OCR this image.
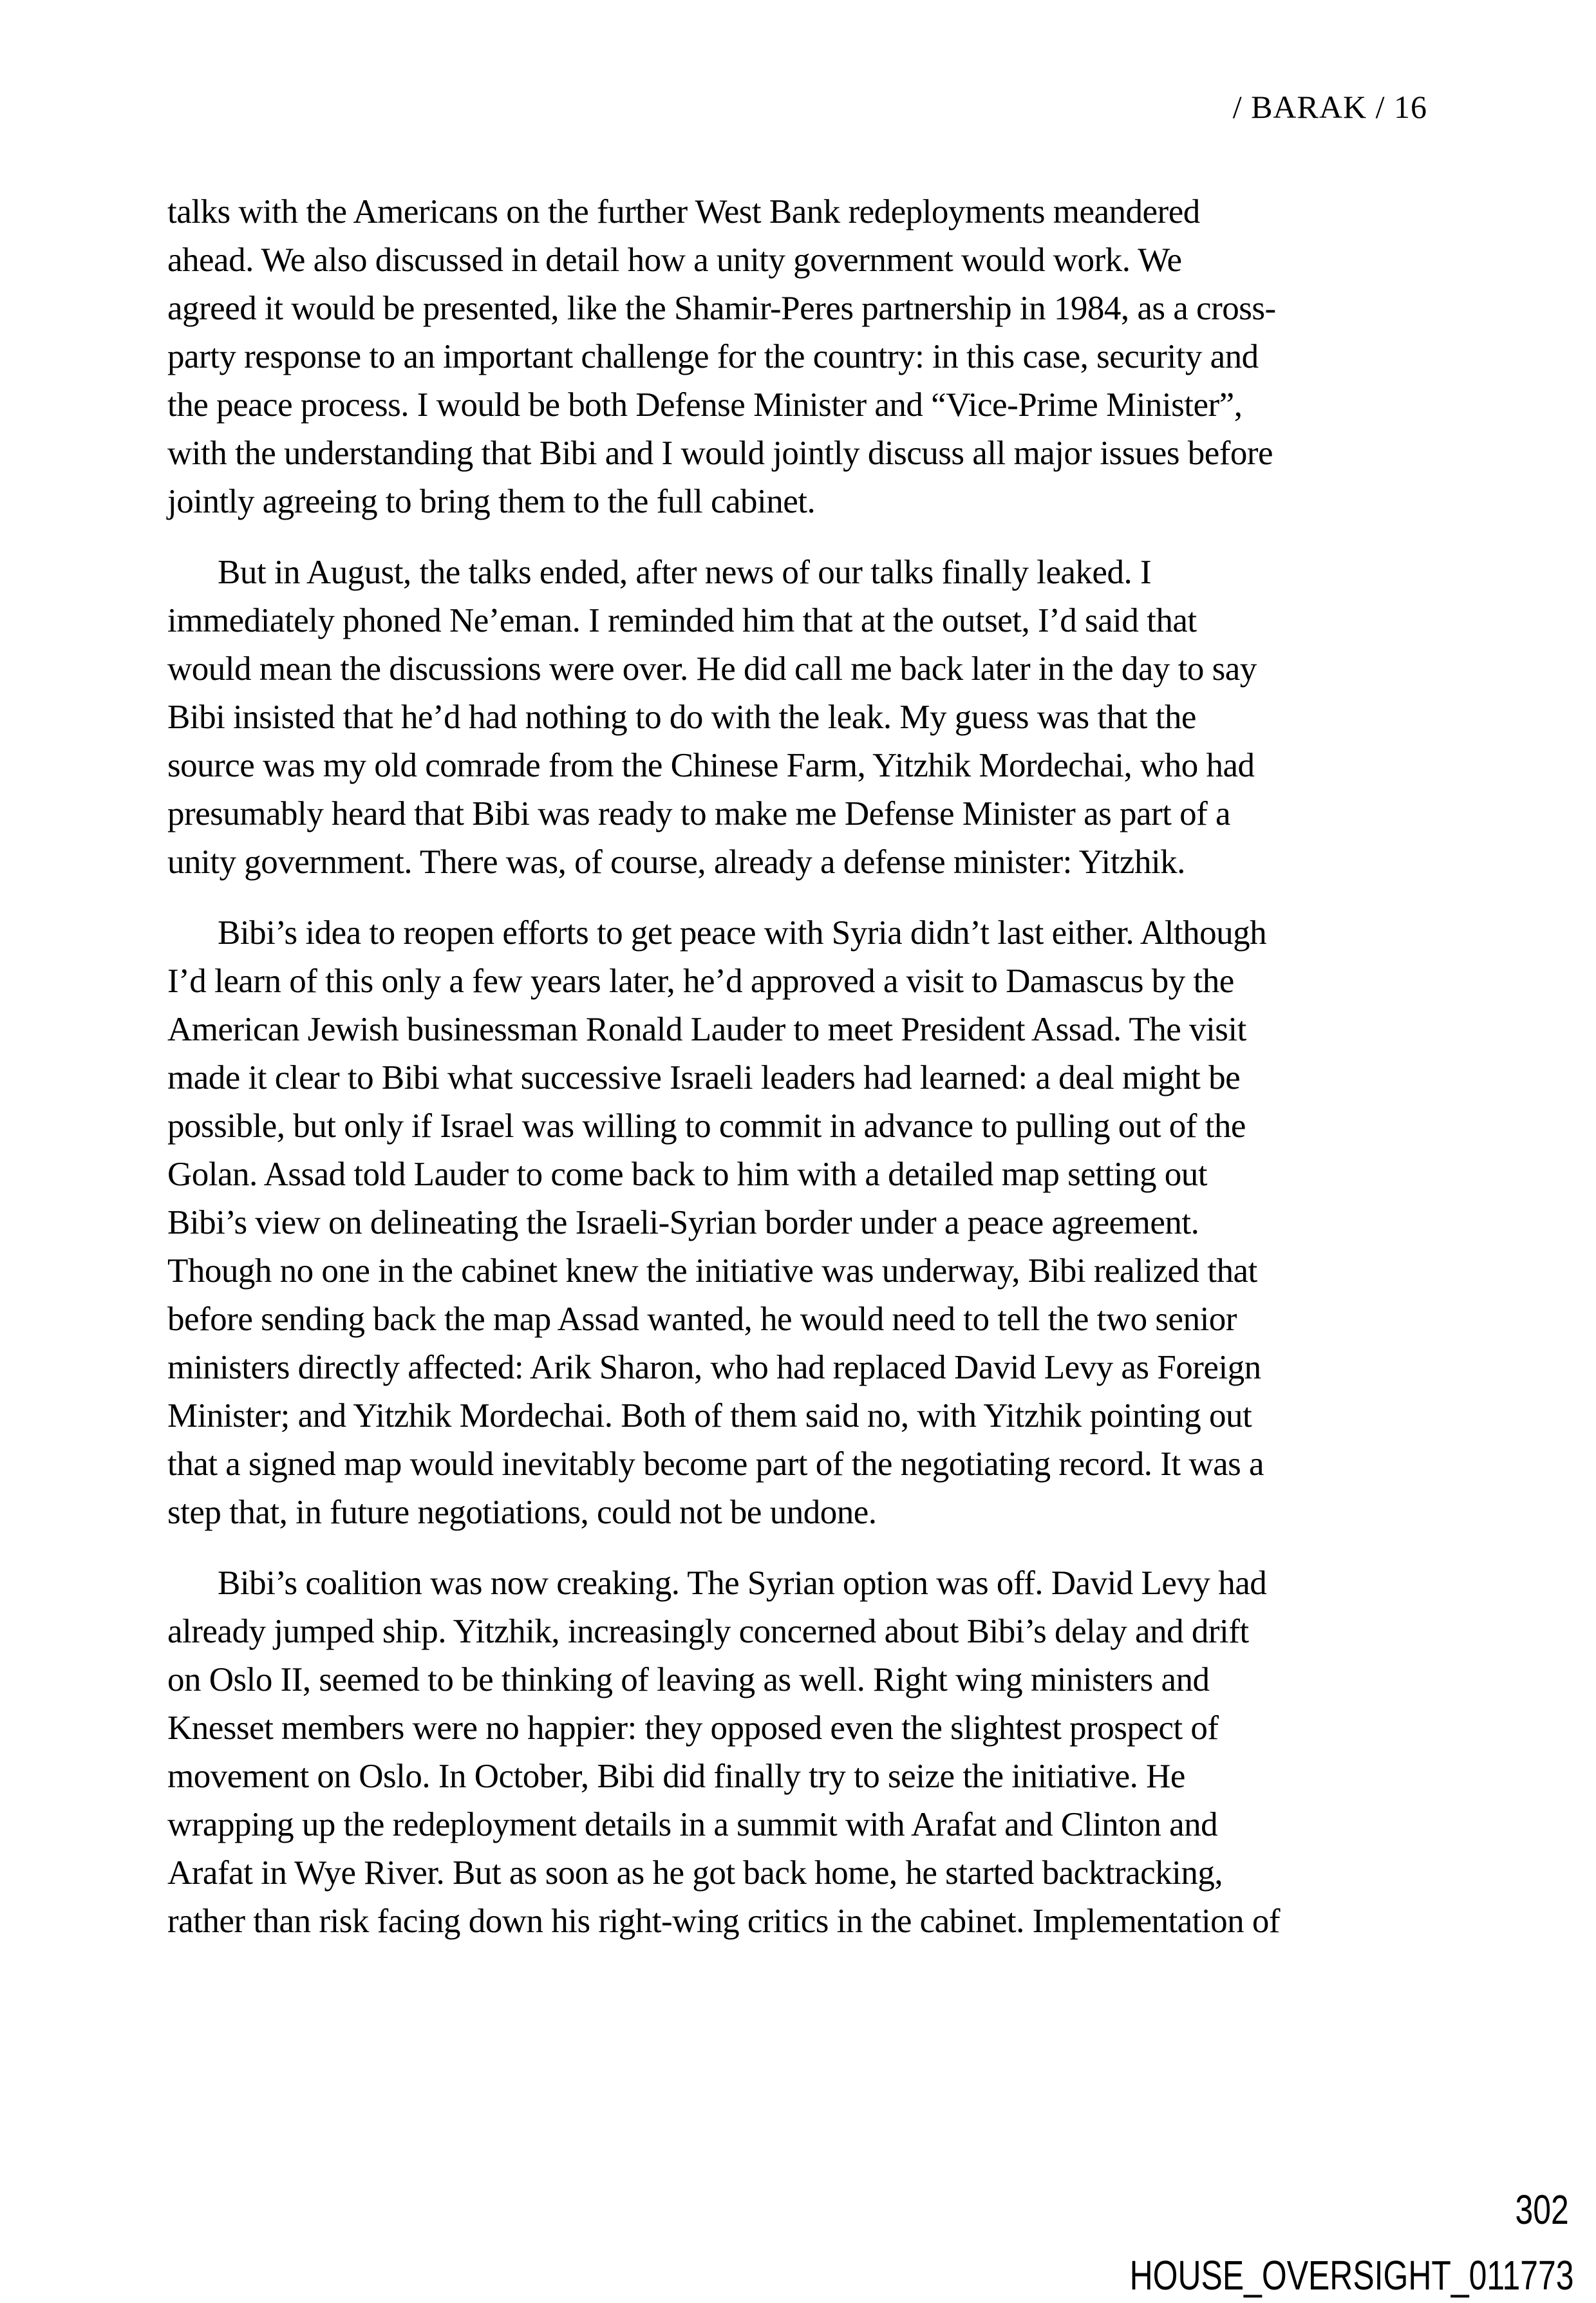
/ BARAK / 16
talks with the Americans on the further West Bank redeployments meandered
ahead. We also discussed in detail how a unity government would work. We
agreed it would be presented, like the Shamir-Peres partnership in 1984, as a cross-
party response to an important challenge for the country: in this case, security and
the peace process. I would be both Defense Minister and “Vice-Prime Minister”,
with the understanding that Bibi and I would jointly discuss all major issues before
jointly agreeing to bring them to the full cabinet.
But in August, the talks ended, after news of our talks finally leaked. I
immediately phoned Ne’eman. I reminded him that at the outset, I’d said that
would mean the discussions were over. He did call me back later in the day to say
Bibi insisted that he’d had nothing to do with the leak. My guess was that the
source was my old comrade from the Chinese Farm, Yitzhik Mordechai, who had
presumably heard that Bibi was ready to make me Defense Minister as part of a
unity government. There was, of course, already a defense minister: Yitzhik.
Bibi’s idea to reopen efforts to get peace with Syria didn’t last either. Although
I’d learn of this only a few years later, he’d approved a visit to Damascus by the
American Jewish businessman Ronald Lauder to meet President Assad. The visit
made it clear to Bibi what successive Israeli leaders had learned: a deal might be
possible, but only if Israel was willing to commit in advance to pulling out of the
Golan. Assad told Lauder to come back to him with a detailed map setting out
Bibi’s view on delineating the Israeli-Syrian border under a peace agreement.
Though no one in the cabinet knew the initiative was underway, Bibi realized that
before sending back the map Assad wanted, he would need to tell the two senior
ministers directly affected: Arik Sharon, who had replaced David Levy as Foreign
Minister; and Yitzhik Mordechai. Both of them said no, with Yitzhik pointing out
that a signed map would inevitably become part of the negotiating record. It was a
step that, in future negotiations, could not be undone.
Bibi’s coalition was now creaking. The Syrian option was off. David Levy had
already jumped ship. Yitzhik, increasingly concerned about Bibi’s delay and drift
on Oslo II, seemed to be thinking of leaving as well. Right wing ministers and
Knesset members were no happier: they opposed even the slightest prospect of
movement on Oslo. In October, Bibi did finally try to seize the initiative. He
wrapping up the redeployment details in a summit with Arafat and Clinton and
Arafat in Wye River. But as soon as he got back home, he started backtracking,
rather than risk facing down his right-wing critics in the cabinet. Implementation of
302
HOUSE_OVERSIGHT_011773
